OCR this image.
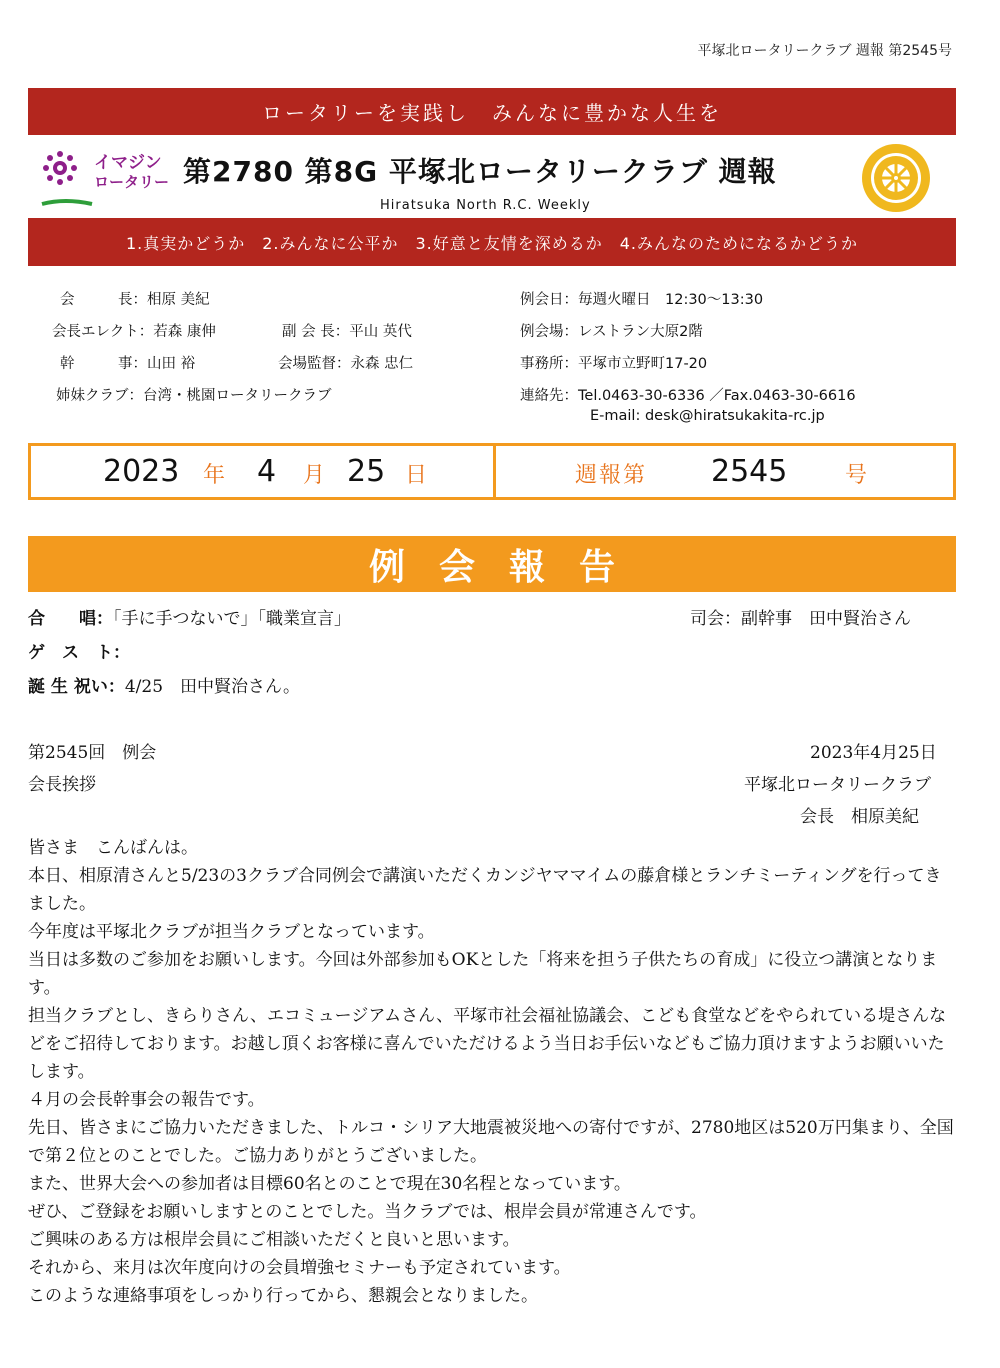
平塚北ロータリークラブ 週報 第2545号
ロータリーを実践し　みんなに豊かな人生を
イマジン
ロータリー 第2780 第8G 平塚北ロータリークラブ 週報
Hiratsuka North R.C. Weekly
1.真実かどうか　2.みんなに公平か　3.好意と友情を深めるか　4.みんなのためになるかどうか
会　　　長：相原 美紀
会長エレクト：若森 康伸	副 会 長：平山 英代
幹　　　事：山田 裕	会場監督：永森 忠仁
姉妹クラブ：台湾・桃園ロータリークラブ
例会日：毎週火曜日　12:30～13:30
例会場：レストラン大原2階
事務所：平塚市立野町17-20
連絡先：Tel.0463-30-6336 ／Fax.0463-30-6616
E-mail: desk@hiratsukakita-rc.jp
2023 年 4 月 25 日	週報第 2545	号
例会報告
合　　唱：「手に手つないで」「職業宣言」	司会：副幹事　田中賢治さん
ゲ　ス　ト：
誕 生 祝い：4/25　田中賢治さん。
第2545回　例会	2023年4月25日
会長挨拶	平塚北ロータリークラブ
会長　相原美紀

皆さま　こんばんは。

本日、相原清さんと5/23の3クラブ合同例会で講演いただくカンジヤママイムの藤倉様とランチミーティングを行ってきました。

今年度は平塚北クラブが担当クラブとなっています。

当日は多数のご参加をお願いします。今回は外部参加もOKとした「将来を担う子供たちの育成」に役立つ講演となります。

担当クラブとし、きらりさん、エコミュージアムさん、平塚市社会福祉協議会、こども食堂などをやられている堤さんなどをご招待しております。お越し頂くお客様に喜んでいただけるよう当日お手伝いなどもご協力頂けますようお願いいたします。

４月の会長幹事会の報告です。

先日、皆さまにご協力いただきました、トルコ・シリア大地震被災地への寄付ですが、2780地区は520万円集まり、全国で第２位とのことでした。ご協力ありがとうございました。

また、世界大会への参加者は目標60名とのことで現在30名程となっています。

ぜひ、ご登録をお願いしますとのことでした。当クラブでは、根岸会員が常連さんです。

ご興味のある方は根岸会員にご相談いただくと良いと思います。

それから、来月は次年度向けの会員増強セミナーも予定されています。

このような連絡事項をしっかり行ってから、懇親会となりました。
